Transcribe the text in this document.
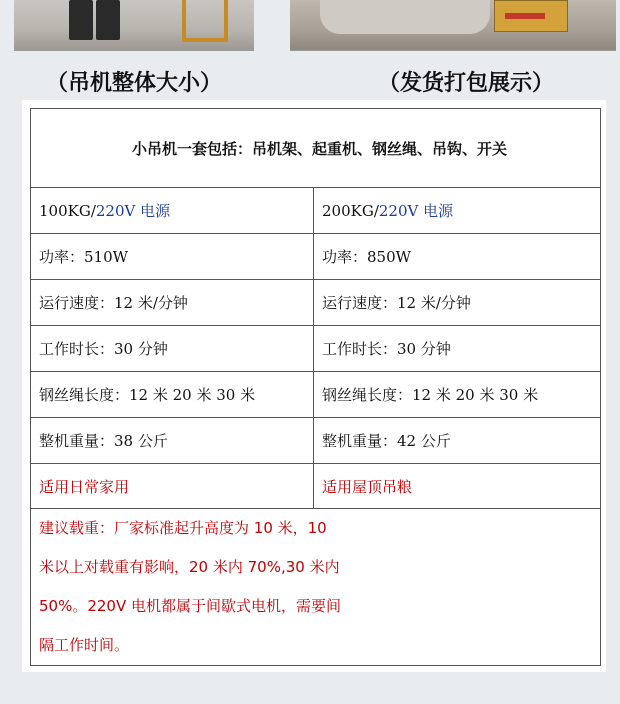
（吊机整体大小）	（发货打包展示）
小吊机一套包括：吊机架、起重机、钢丝绳、吊钩、开关	
100KG/220V 电源	200KG/220V 电源
功率：510W	功率：850W
运行速度：12 米/分钟	运行速度：12 米/分钟
工作时长：30 分钟	工作时长：30 分钟
钢丝绳长度：12 米 20 米 30 米	钢丝绳长度：12 米 20 米 30 米
整机重量：38 公斤	整机重量：42 公斤
适用日常家用	适用屋顶吊粮

建议载重：厂家标准起升高度为 10 米，10
米以上对载重有影响，20 米内 70%,30 米内
50%。220V 电机都属于间歇式电机，需要间
隔工作时间。	
